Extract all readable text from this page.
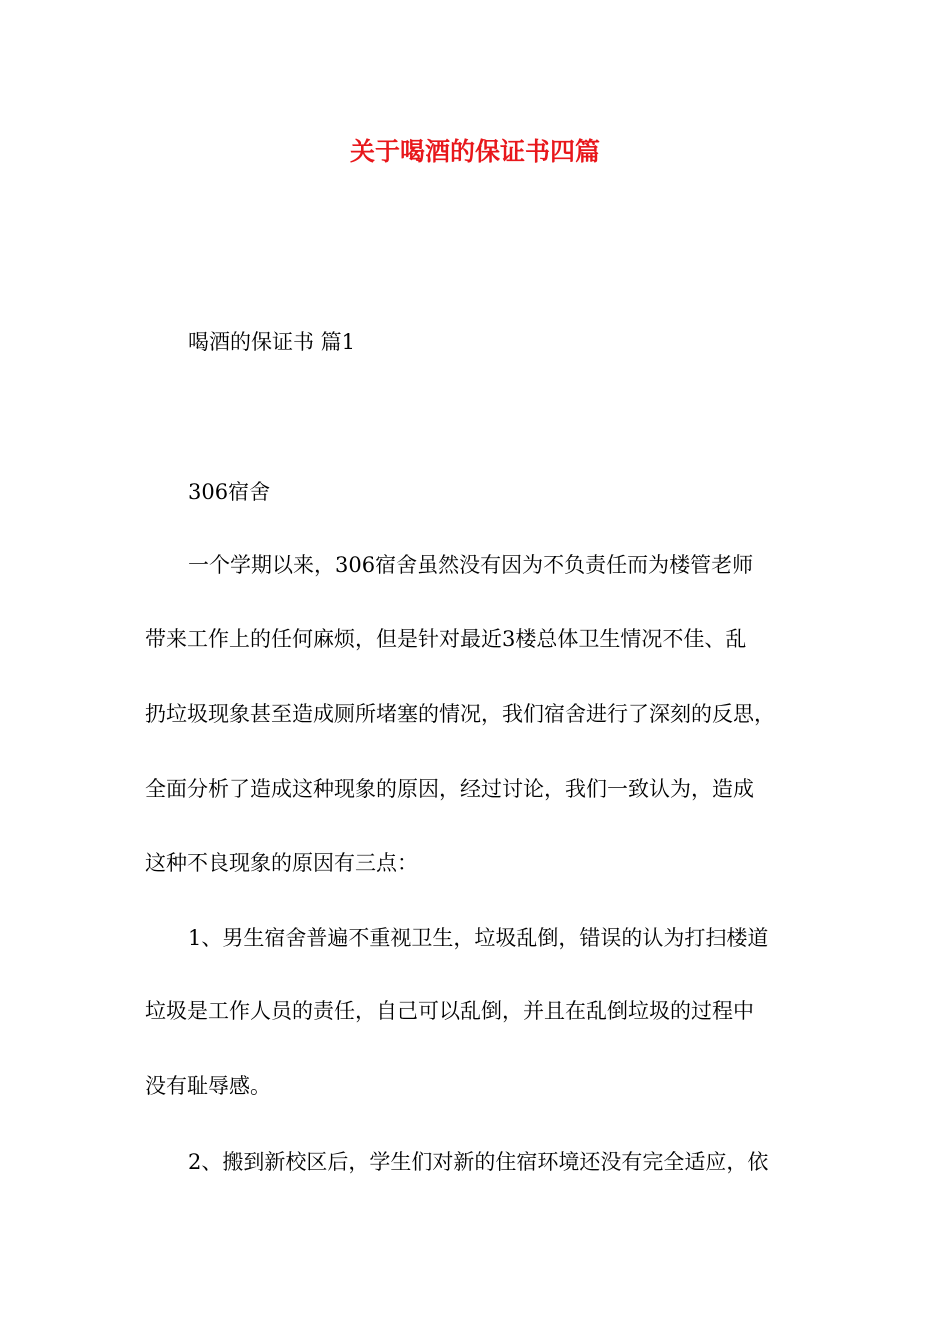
关于喝酒的保证书四篇

喝酒的保证书 篇1

306宿舍

一个学期以来，306宿舍虽然没有因为不负责任而为楼管老师

带来工作上的任何麻烦，但是针对最近3楼总体卫生情况不佳、乱

扔垃圾现象甚至造成厕所堵塞的情况，我们宿舍进行了深刻的反思，

全面分析了造成这种现象的原因，经过讨论，我们一致认为，造成

这种不良现象的原因有三点：

1、男生宿舍普遍不重视卫生，垃圾乱倒，错误的认为打扫楼道

垃圾是工作人员的责任，自己可以乱倒，并且在乱倒垃圾的过程中

没有耻辱感。

2、搬到新校区后，学生们对新的住宿环境还没有完全适应，依
